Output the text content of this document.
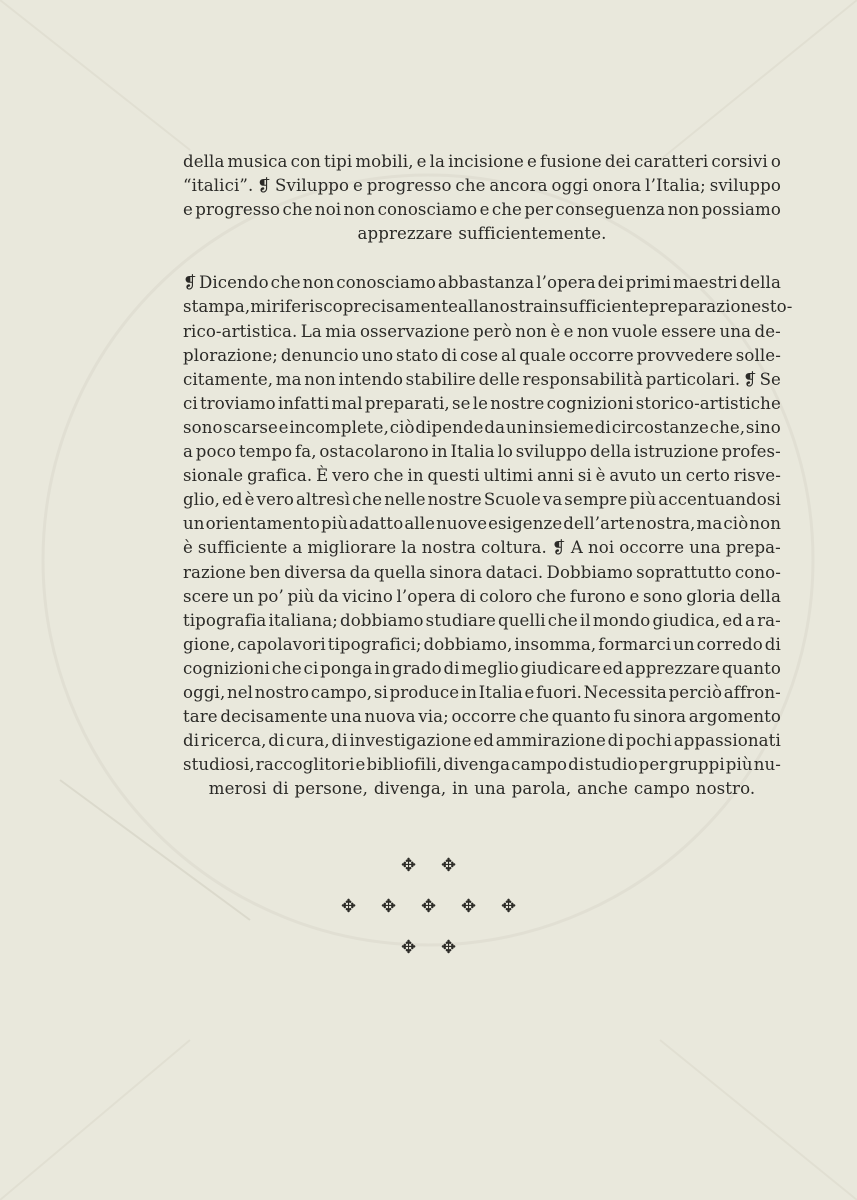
della musica con tipi mobili, e la incisione e fusione dei caratteri corsivi o
“italici”. ❡ Sviluppo e progresso che ancora oggi onora l’Italia; sviluppo
e progresso che noi non conosciamo e che per conseguenza non possiamo
apprezzare sufficientemente.
❡ Dicendo che non conosciamo abbastanza l’opera dei primi maestri della
stampa, mi riferisco precisamente alla nostra insufficiente preparazione sto-
rico-artistica. La mia osservazione però non è e non vuole essere una de-
plorazione; denuncio uno stato di cose al quale occorre provvedere solle-
citamente, ma non intendo stabilire delle responsabilità particolari. ❡ Se
ci troviamo infatti mal preparati, se le nostre cognizioni storico-artistiche
sono scarse e incomplete, ciò dipende da un insieme di circostanze che, sino
a poco tempo fa, ostacolarono in Italia lo sviluppo della istruzione profes-
sionale grafica. È vero che in questi ultimi anni si è avuto un certo risve-
glio, ed è vero altresì che nelle nostre Scuole va sempre più accentuandosi
un orientamento più adatto alle nuove esigenze dell’arte nostra, ma ciò non
è sufficiente a migliorare la nostra coltura. ❡ A noi occorre una prepa-
razione ben diversa da quella sinora dataci. Dobbiamo soprattutto cono-
scere un po’ più da vicino l’opera di coloro che furono e sono gloria della
tipografia italiana; dobbiamo studiare quelli che il mondo giudica, ed a ra-
gione, capolavori tipografici; dobbiamo, insomma, formarci un corredo di
cognizioni che ci ponga in grado di meglio giudicare ed apprezzare quanto
oggi, nel nostro campo, si produce in Italia e fuori. Necessita perciò affron-
tare decisamente una nuova via; occorre che quanto fu sinora argomento
di ricerca, di cura, di investigazione ed ammirazione di pochi appassionati
studiosi, raccoglitori e bibliofili, divenga campo di studio per gruppi più nu-
merosi di persone, divenga, in una parola, anche campo nostro.
✥ ✥
✥ ✥ ✥ ✥ ✥
✥ ✥
